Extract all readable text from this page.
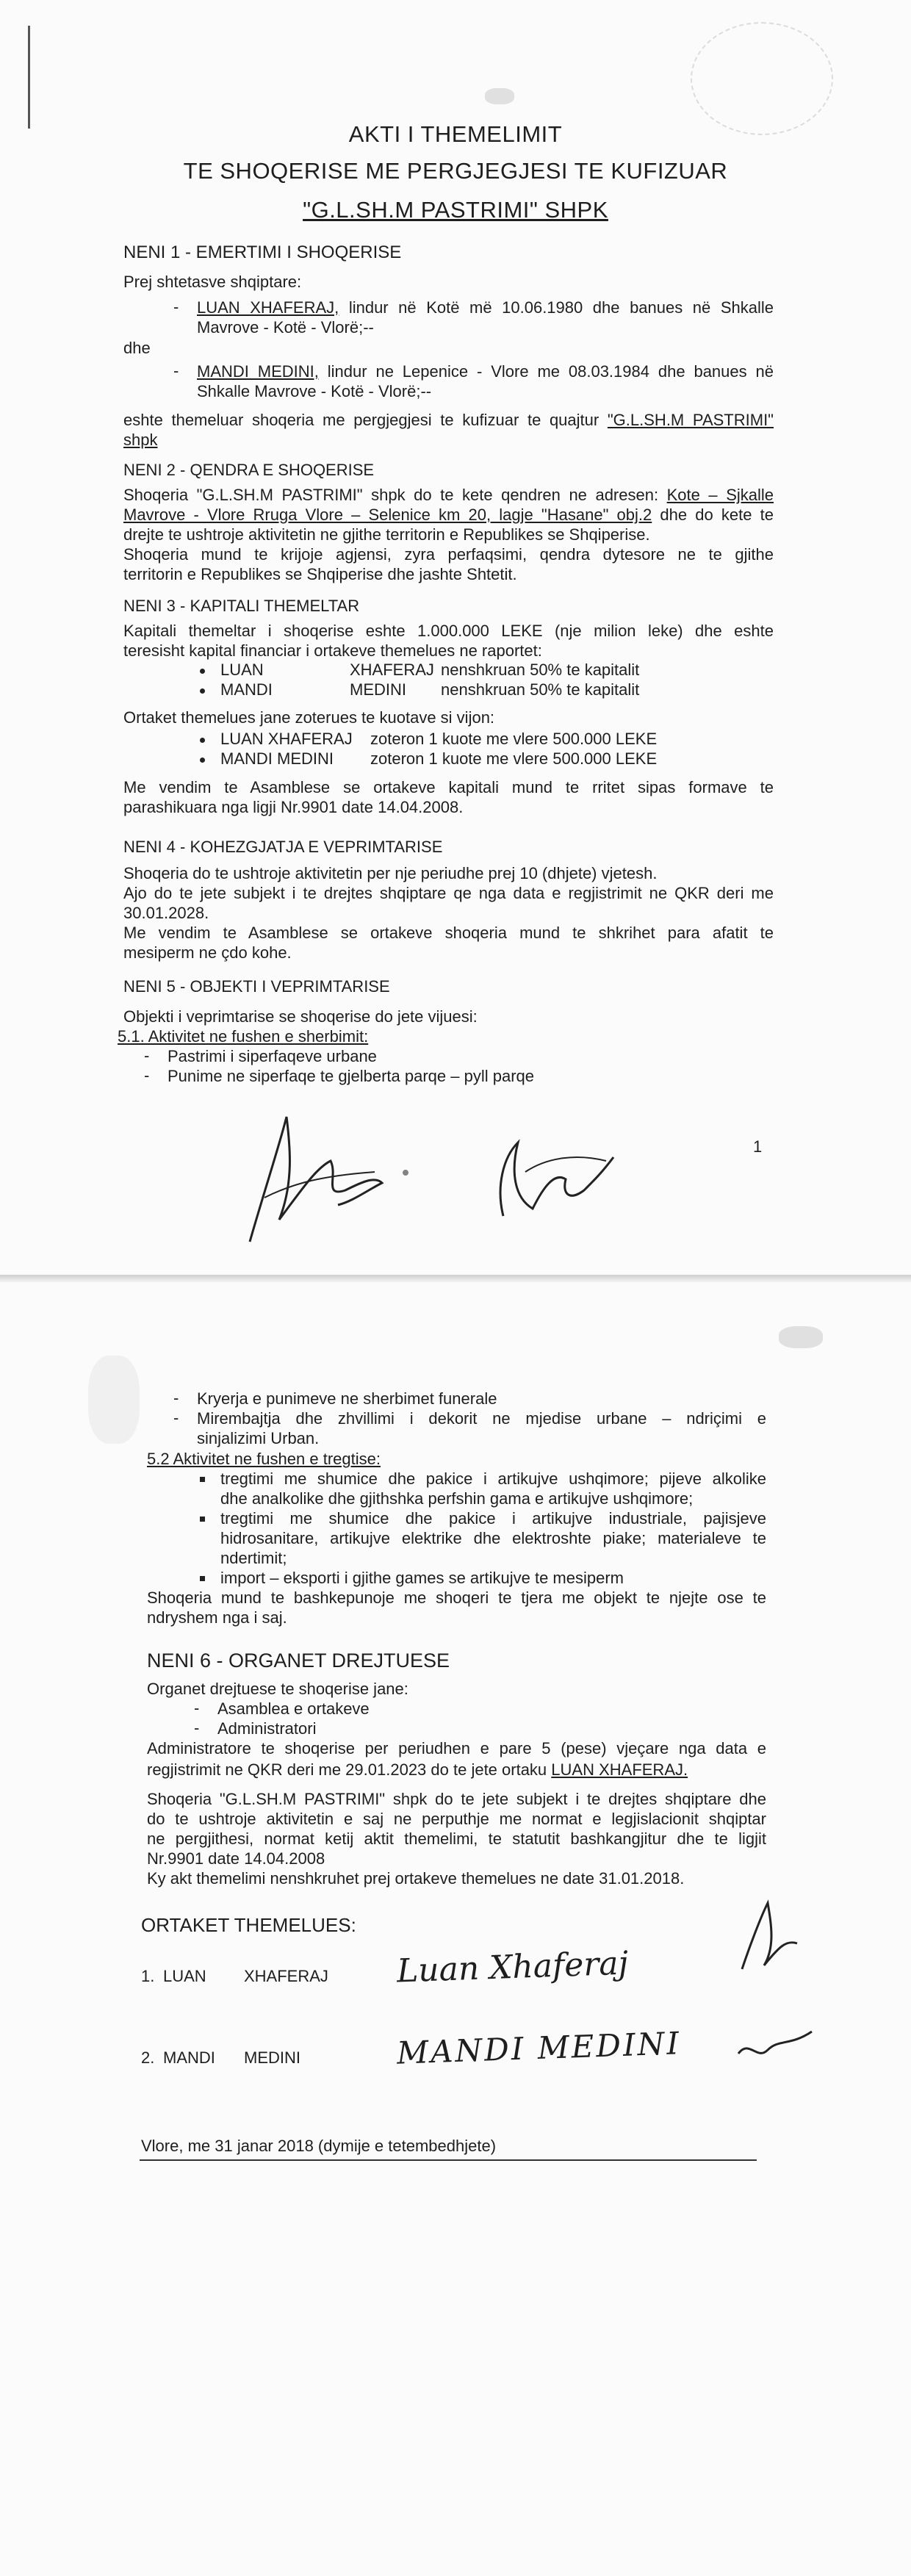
AKTI I THEMELIMIT
TE SHOQERISE ME PERGJEGJESI TE KUFIZUAR
"G.L.SH.M PASTRIMI" SHPK
NENI 1 - EMERTIMI I SHOQERISE
Prej shtetasve shqiptare:
- LUAN XHAFERAJ, lindur në Kotë më 10.06.1980 dhe banues në Shkalle
Mavrove - Kotë - Vlorë;--
dhe
- MANDI MEDINI, lindur ne Lepenice - Vlore me 08.03.1984 dhe banues në
Shkalle Mavrove - Kotë - Vlorë;--
eshte themeluar shoqeria me pergjegjesi te kufizuar te quajtur "G.L.SH.M PASTRIMI"
shpk
NENI 2 - QENDRA E SHOQERISE
Shoqeria "G.L.SH.M PASTRIMI" shpk do te kete qendren ne adresen: Kote – Sjkalle
Mavrove - Vlore Rruga Vlore – Selenice km 20, lagje "Hasane" obj.2 dhe do kete te
drejte te ushtroje aktivitetin ne gjithe territorin e Republikes se Shqiperise.
Shoqeria mund te krijoje agjensi, zyra perfaqsimi, qendra dytesore ne te gjithe
territorin e Republikes se Shqiperise dhe jashte Shtetit.
NENI 3 - KAPITALI THEMELTAR
Kapitali themeltar i shoqerise eshte 1.000.000 LEKE (nje milion leke) dhe eshte
teresisht kapital financiar i ortakeve themelues ne raportet:
LUAN	XHAFERAJ nenshkruan 50% te kapitalit
MANDI	MEDINI	nenshkruan 50% te kapitalit
Ortaket themelues jane zoterues te kuotave si vijon:
LUAN XHAFERAJ	zoteron 1 kuote me vlere 500.000 LEKE
MANDI MEDINI	zoteron 1 kuote me vlere 500.000 LEKE
Me vendim te Asamblese se ortakeve kapitali mund te rritet sipas formave te
parashikuara nga ligji Nr.9901 date 14.04.2008.
NENI 4 - KOHEZGJATJA E VEPRIMTARISE
Shoqeria do te ushtroje aktivitetin per nje periudhe prej 10 (dhjete) vjetesh.
Ajo do te jete subjekt i te drejtes shqiptare qe nga data e regjistrimit ne QKR deri me
30.01.2028.
Me vendim te Asamblese se ortakeve shoqeria mund te shkrihet para afatit te
mesiperm ne çdo kohe.
NENI 5 - OBJEKTI I VEPRIMTARISE
Objekti i veprimtarise se shoqerise do jete vijuesi:
5.1. Aktivitet ne fushen e sherbimit:
- Pastrimi i siperfaqeve urbane
- Punime ne siperfaqe te gjelberta parqe – pyll parqe
1
- Kryerja e punimeve ne sherbimet funerale
- Mirembajtja dhe zhvillimi i dekorit ne mjedise urbane – ndriçimi e
sinjalizimi Urban.
5.2 Aktivitet ne fushen e tregtise:
tregtimi me shumice dhe pakice i artikujve ushqimore; pijeve alkolike
dhe analkolike dhe gjithshka perfshin gama e artikujve ushqimore;
tregtimi me shumice dhe pakice i artikujve industriale, pajisjeve
hidrosanitare, artikujve elektrike dhe elektroshte piake; materialeve te
ndertimit;
import – eksporti i gjithe games se artikujve te mesiperm
Shoqeria mund te bashkepunoje me shoqeri te tjera me objekt te njejte ose te
ndryshem nga i saj.
NENI 6 - ORGANET DREJTUESE
Organet drejtuese te shoqerise jane:
- Asamblea e ortakeve
- Administratori
Administratore te shoqerise per periudhen e pare 5 (pese) vjeçare nga data e
regjistrimit ne QKR deri me 29.01.2023 do te jete ortaku LUAN XHAFERAJ.
Shoqeria "G.L.SH.M PASTRIMI" shpk do te jete subjekt i te drejtes shqiptare dhe
do te ushtroje aktivitetin e saj ne perputhje me normat e legjislacionit shqiptar
ne pergjithesi, normat ketij aktit themelimi, te statutit bashkangjitur dhe te ligjit
Nr.9901 date 14.04.2008
Ky akt themelimi nenshkruhet prej ortakeve themelues ne date 31.01.2018.
ORTAKET THEMELUES:
1. LUAN	XHAFERAJ Luan Xhaferaj
2. MANDI	MEDINI	MANDI MEDINI
Vlore, me 31 janar 2018 (dymije e tetembedhjete)
